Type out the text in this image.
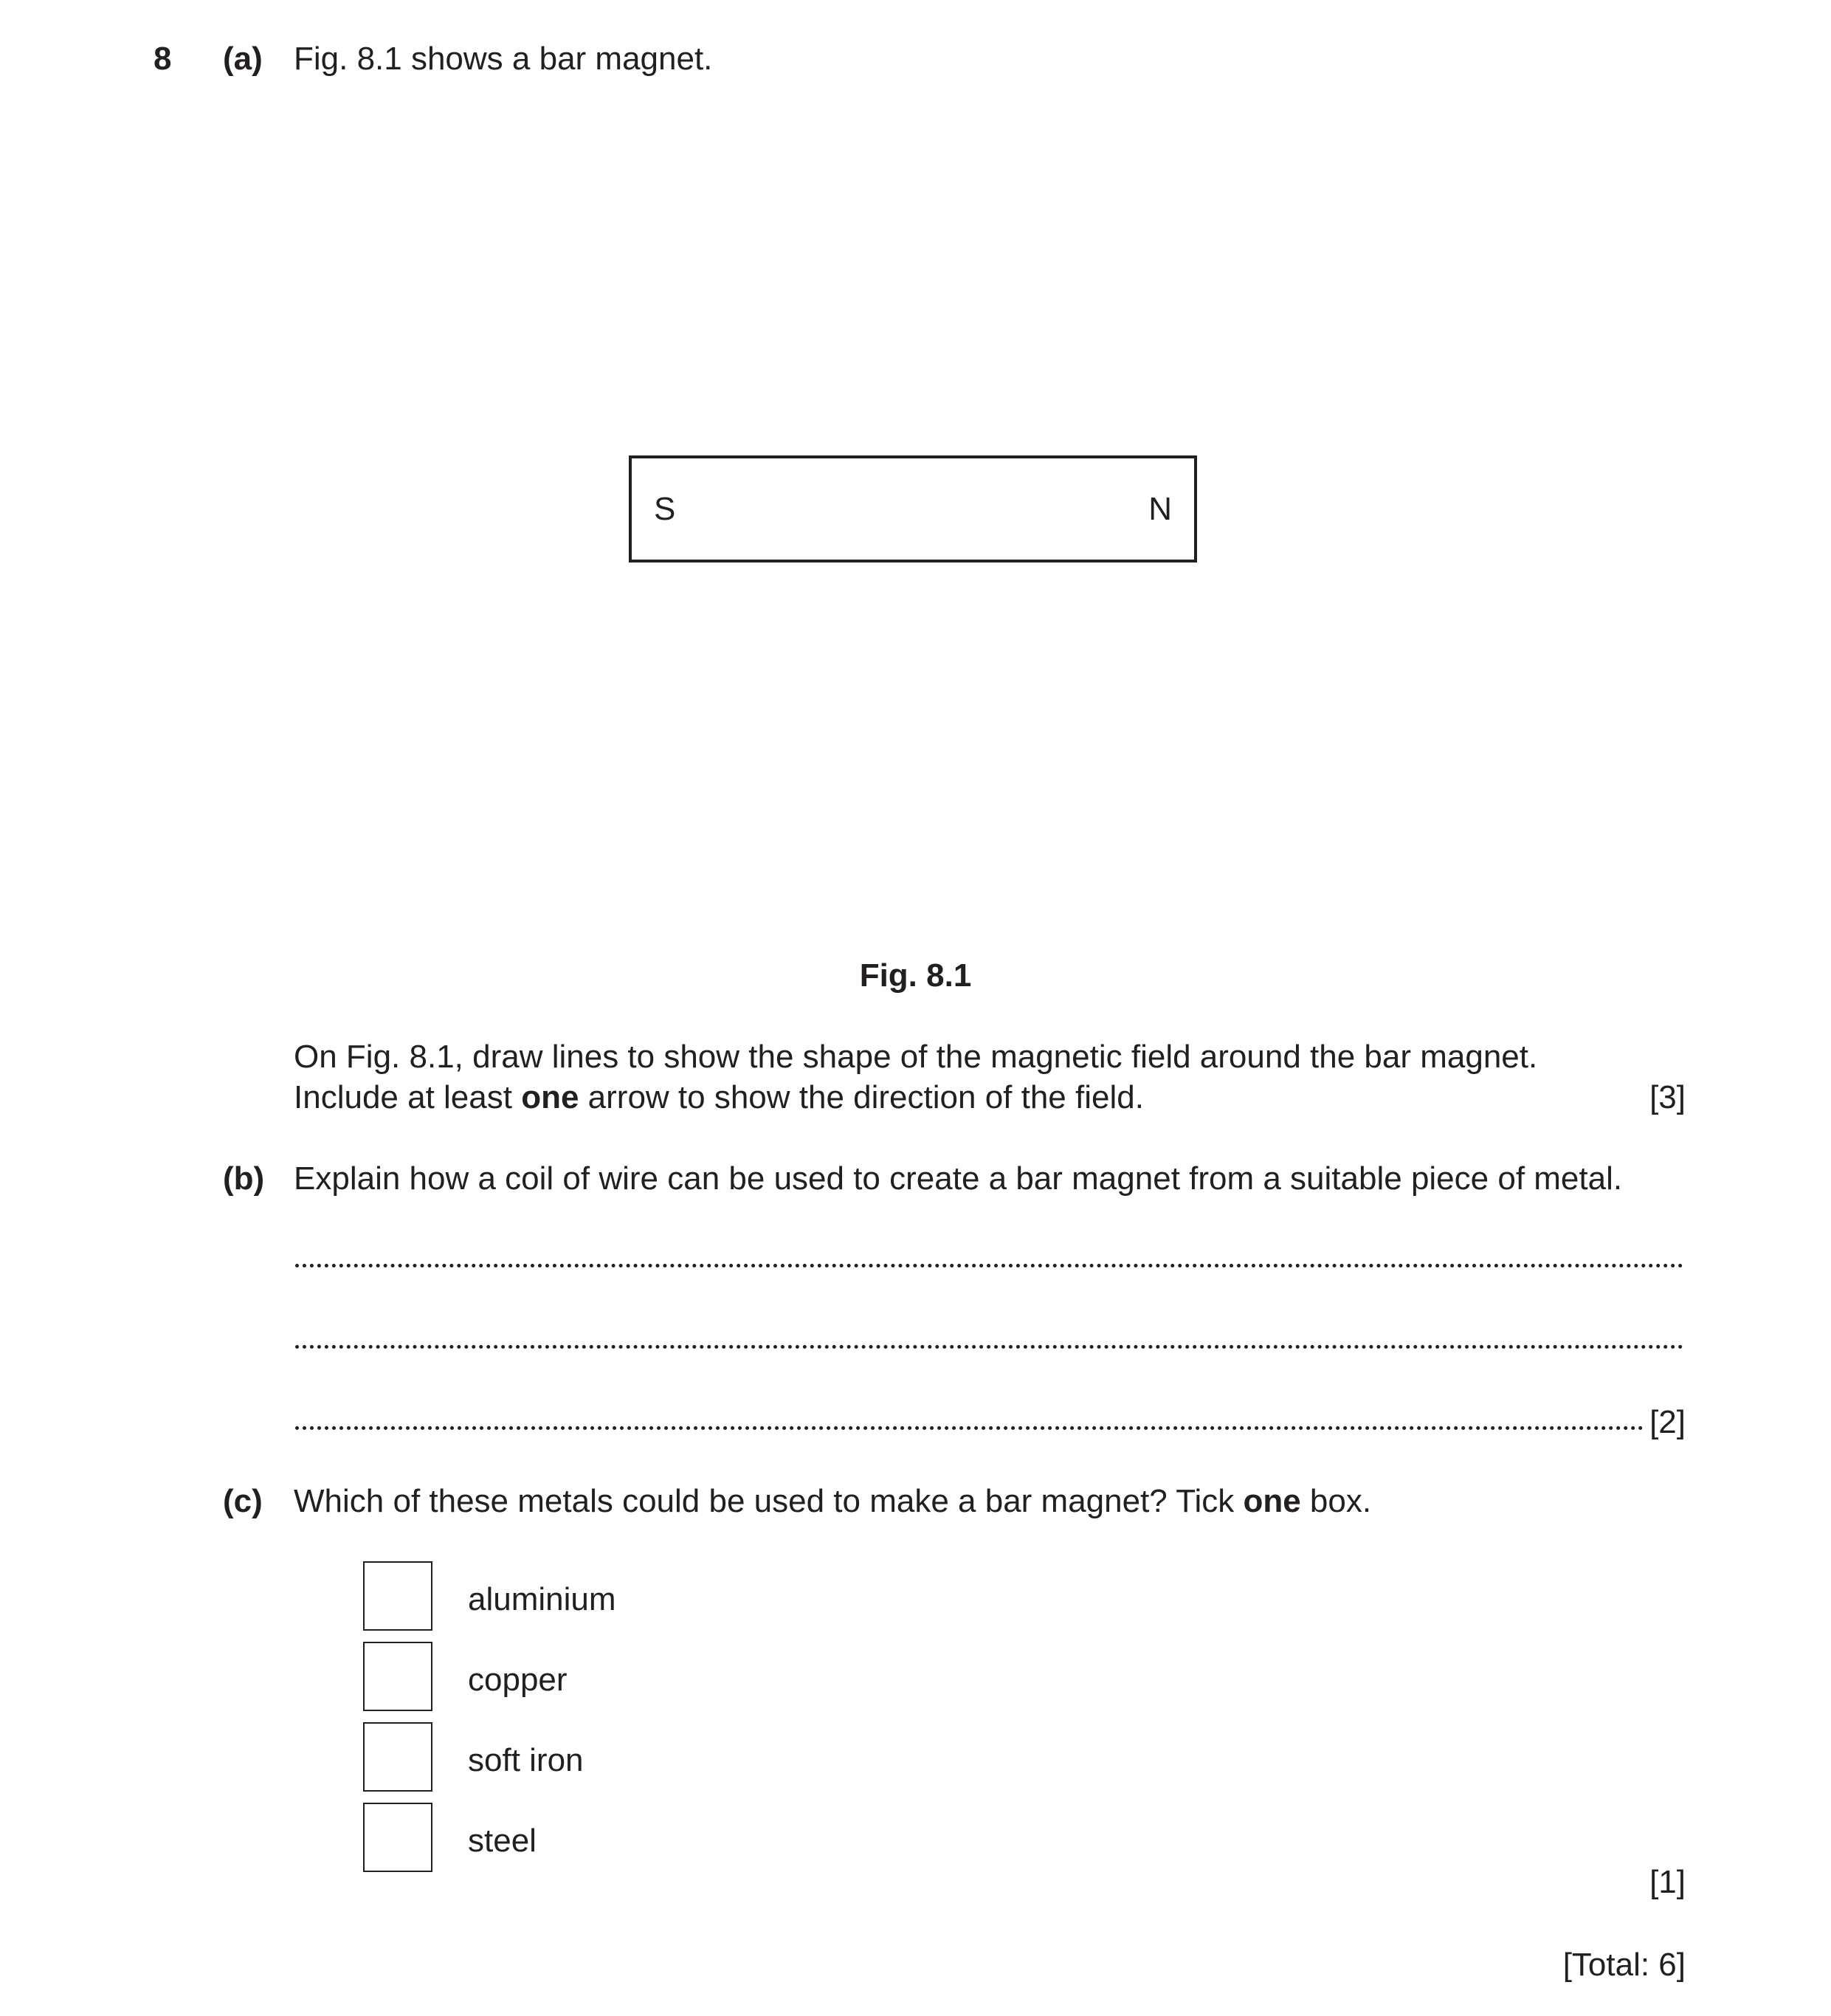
8 (a) Fig. 8.1 shows a bar magnet.
S	N
Fig. 8.1
On Fig. 8.1, draw lines to show the shape of the magnetic field around the bar magnet.
Include at least one arrow to show the direction of the field.	[3]
(b) Explain how a coil of wire can be used to create a bar magnet from a suitable piece of metal.
[2]
(c) Which of these metals could be used to make a bar magnet? Tick one box.
aluminium
copper
soft iron
steel
[1]
[Total: 6]
